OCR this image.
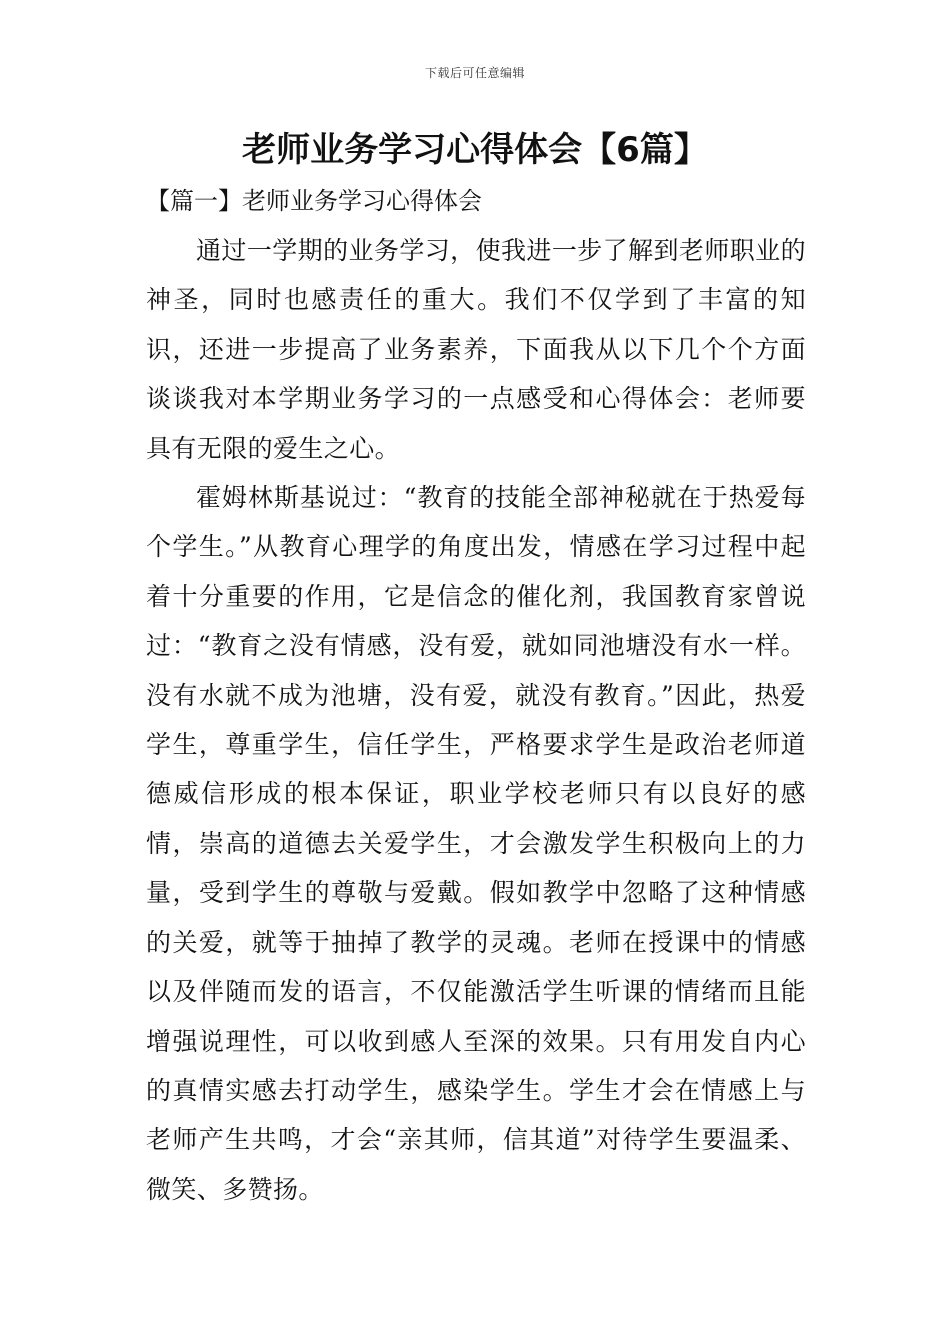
下载后可任意编辑
老师业务学习心得体会【6篇】
【篇一】老师业务学习心得体会

通过一学期的业务学习，使我进一步了解到老师职业的神圣，同时也感责任的重大。我们不仅学到了丰富的知识，还进一步提高了业务素养，下面我从以下几个个方面谈谈我对本学期业务学习的一点感受和心得体会：老师要具有无限的爱生之心。

霍姆林斯基说过：“教育的技能全部神秘就在于热爱每个学生。”从教育心理学的角度出发，情感在学习过程中起着十分重要的作用，它是信念的催化剂，我国教育家曾说过：“教育之没有情感，没有爱，就如同池塘没有水一样。没有水就不成为池塘，没有爱，就没有教育。”因此，热爱学生，尊重学生，信任学生，严格要求学生是政治老师道德威信形成的根本保证，职业学校老师只有以良好的感情，崇高的道德去关爱学生，才会激发学生积极向上的力量，受到学生的尊敬与爱戴。假如教学中忽略了这种情感的关爱，就等于抽掉了教学的灵魂。老师在授课中的情感以及伴随而发的语言，不仅能激活学生听课的情绪而且能增强说理性，可以收到感人至深的效果。只有用发自内心的真情实感去打动学生，感染学生。学生才会在情感上与老师产生共鸣，才会“亲其师，信其道”对待学生要温柔、微笑、多赞扬。
